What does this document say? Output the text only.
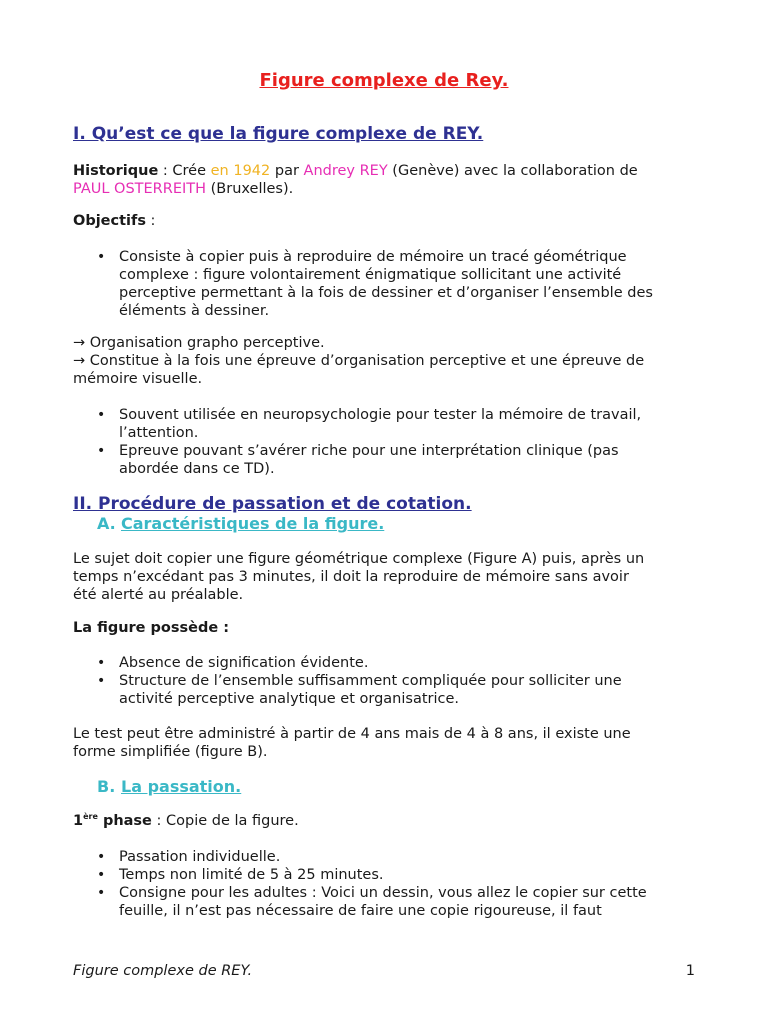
Figure complexe de Rey.
I. Qu’est ce que la figure complexe de REY.
Historique : Crée en 1942 par Andrey REY (Genève) avec la collaboration de
PAUL OSTERREITH (Bruxelles).
Objectifs :
• Consiste à copier puis à reproduire de mémoire un tracé géométrique
complexe : figure volontairement énigmatique sollicitant une activité
perceptive permettant à la fois de dessiner et d’organiser l’ensemble des
éléments à dessiner.
→ Organisation grapho perceptive.
→ Constitue à la fois une épreuve d’organisation perceptive et une épreuve de
mémoire visuelle.
• Souvent utilisée en neuropsychologie pour tester la mémoire de travail,
l’attention.
• Epreuve pouvant s’avérer riche pour une interprétation clinique (pas
abordée dans ce TD).
II. Procédure de passation et de cotation.
A. Caractéristiques de la figure.
Le sujet doit copier une figure géométrique complexe (Figure A) puis, après un
temps n’excédant pas 3 minutes, il doit la reproduire de mémoire sans avoir
été alerté au préalable.
La figure possède :
• Absence de signification évidente.
• Structure de l’ensemble suffisamment compliquée pour solliciter une
activité perceptive analytique et organisatrice.
Le test peut être administré à partir de 4 ans mais de 4 à 8 ans, il existe une
forme simplifiée (figure B).
B. La passation.
1ère phase : Copie de la figure.
• Passation individuelle.
• Temps non limité de 5 à 25 minutes.
• Consigne pour les adultes : Voici un dessin, vous allez le copier sur cette
feuille, il n’est pas nécessaire de faire une copie rigoureuse, il faut
Figure complexe de REY.	1
